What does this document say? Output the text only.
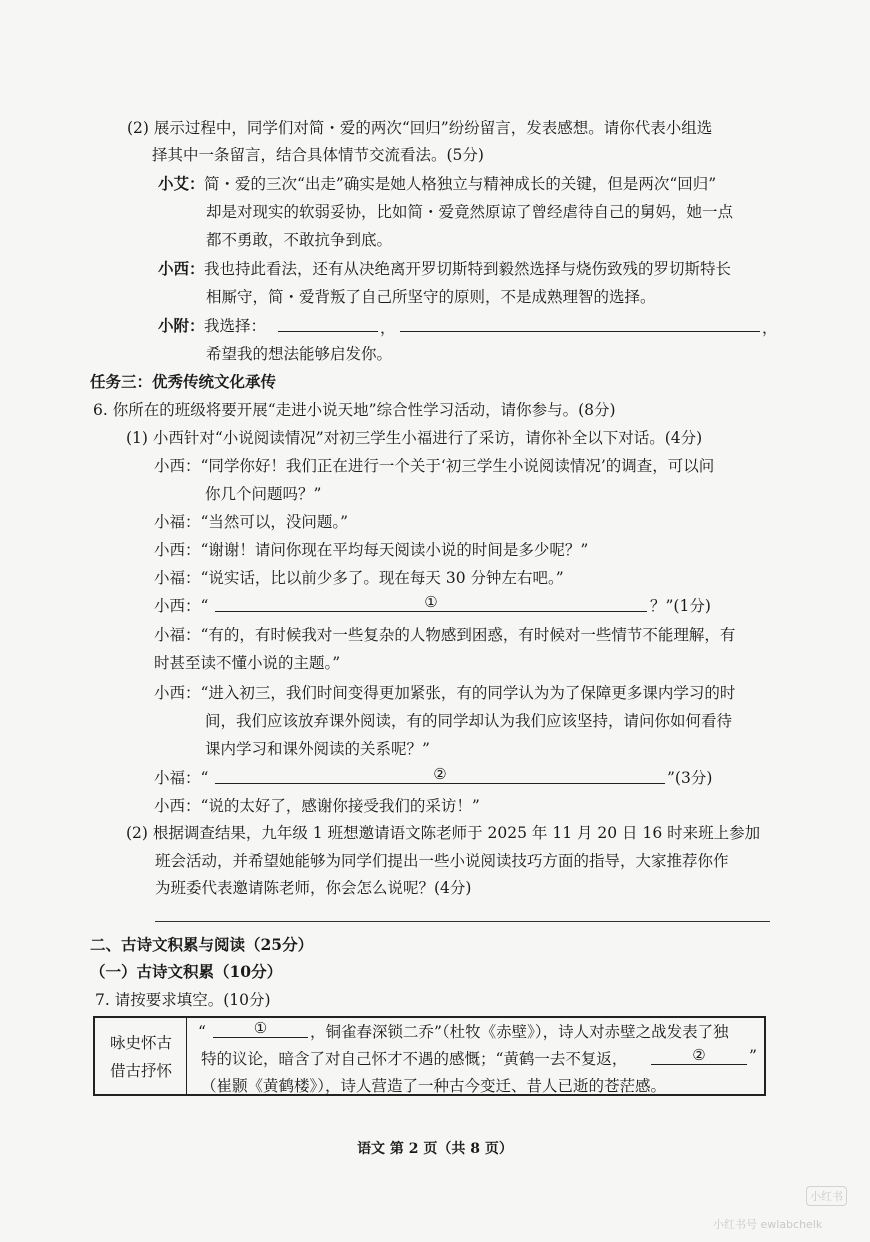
(2) 展示过程中，同学们对简・爱的两次“回归”纷纷留言，发表感想。请你代表小组选
择其中一条留言，结合具体情节交流看法。(5分)
小艾： 简・爱的三次“出走”确实是她人格独立与精神成长的关键，但是两次“回归”
却是对现实的软弱妥协，比如简・爱竟然原谅了曾经虐待自己的舅妈，她一点
都不勇敢，不敢抗争到底。
小西： 我也持此看法，还有从决绝离开罗切斯特到毅然选择与烧伤致残的罗切斯特长
相厮守，简・爱背叛了自己所坚守的原则，不是成熟理智的选择。
小附： 我选择：	，	，
希望我的想法能够启发你。
任务三：优秀传统文化承传
6. 你所在的班级将要开展“走进小说天地”综合性学习活动，请你参与。(8分)
(1) 小西针对“小说阅读情况”对初三学生小福进行了采访，请你补全以下对话。(4分)
小西：“同学你好！我们正在进行一个关于‘初三学生小说阅读情况’的调查，可以问
你几个问题吗？”
小福：“当然可以，没问题。”
小西：“谢谢！请问你现在平均每天阅读小说的时间是多少呢？”
小福：“说实话，比以前少多了。现在每天 30 分钟左右吧。”
小西：“	①	？”(1分)
小福：“有的，有时候我对一些复杂的人物感到困惑，有时候对一些情节不能理解，有
时甚至读不懂小说的主题。”
小西：“进入初三，我们时间变得更加紧张，有的同学认为为了保障更多课内学习的时
间，我们应该放弃课外阅读，有的同学却认为我们应该坚持，请问你如何看待
课内学习和课外阅读的关系呢？”
小福：“	②	”(3分)
小西：“说的太好了，感谢你接受我们的采访！”
(2) 根据调查结果，九年级 1 班想邀请语文陈老师于 2025 年 11 月 20 日 16 时来班上参加
班会活动，并希望她能够为同学们提出一些小说阅读技巧方面的指导，大家推荐你作
为班委代表邀请陈老师，你会怎么说呢？(4分)
二、古诗文积累与阅读（25分）
（一）古诗文积累（10分）
7. 请按要求填空。(10分)
咏史怀古
借古抒怀
“	①	，铜雀春深锁二乔”（杜牧《赤壁》），诗人对赤壁之战发表了独
特的议论，暗含了对自己怀才不遇的感慨；“黄鹤一去不复返，	②	”
（崔颢《黄鹤楼》），诗人营造了一种古今变迁、昔人已逝的苍茫感。
语文 第 2 页（共 8 页）
小红书
小红书号 ewlabchelk
